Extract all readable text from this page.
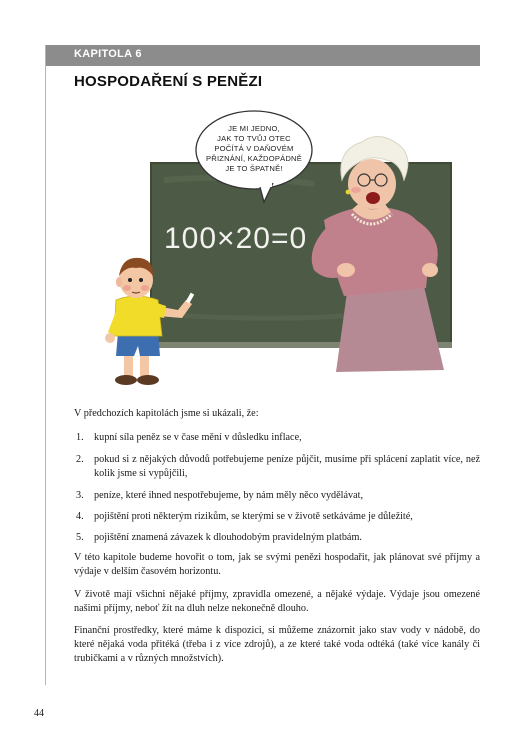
KAPITOLA 6
HOSPODAŘENÍ S PENĚZI
JE MI JEDNO,
JAK TO TVŮJ OTEC
POČÍTÁ V DAŇOVÉM
PŘIZNÁNÍ, KAŽDOPÁDNĚ
JE TO ŠPATNĚ!
100×20=0
V předchozích kapitolách jsme si ukázali, že:
1. kupní síla peněz se v čase mění v důsledku inflace,
2. pokud si z nějakých důvodů potřebujeme peníze půjčit, musíme při splácení zaplatit více, než kolik jsme si vypůjčili,
3. peníze, které ihned nespotřebujeme, by nám měly něco vydělávat,
4. pojištění proti některým rizikům, se kterými se v životě setkáváme je důležité,
5. pojištění znamená závazek k dlouhodobým pravidelným platbám.
V této kapitole budeme hovořit o tom, jak se svými penězi hospodařit, jak plánovat své příjmy a výdaje v delším časovém horizontu.
V životě mají všichni nějaké příjmy, zpravidla omezené, a nějaké výdaje. Výdaje jsou omezené našimi příjmy, neboť žít na dluh nelze nekonečně dlouho.
Finanční prostředky, které máme k dispozici, si můžeme znázornit jako stav vody v nádobě, do které nějaká voda přitéká (třeba i z více zdrojů), a ze které také voda odtéká (také více kanály či trubičkami a v různých množstvích).
44
